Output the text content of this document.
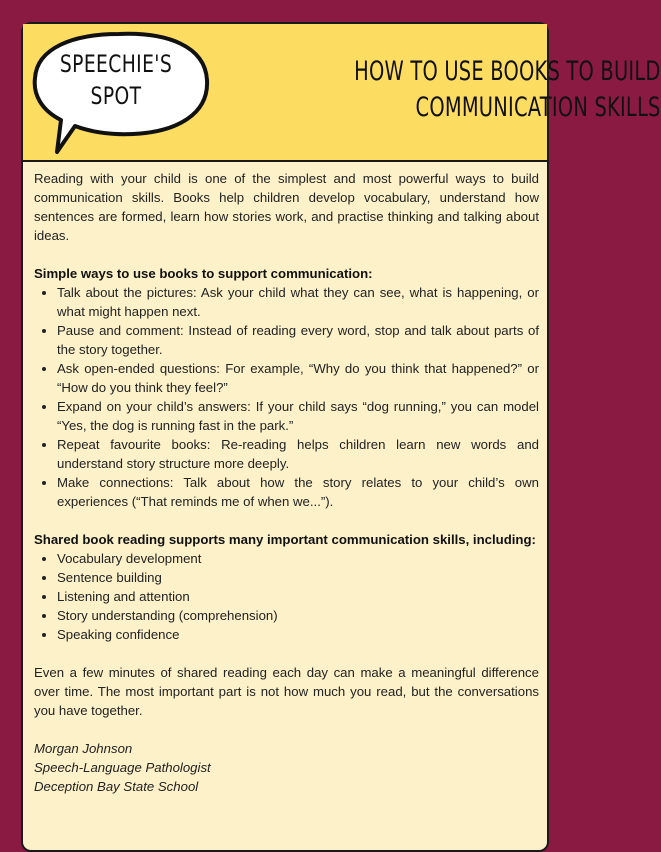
SPEECHIE'S
SPOT
HOW TO USE BOOKS TO BUILD
COMMUNICATION SKILLS

Reading with your child is one of the simplest and most powerful ways to build communication skills. Books help children develop vocabulary, understand how sentences are formed, learn how stories work, and practise thinking and talking about ideas.

Simple ways to use books to support communication:

• Talk about the pictures: Ask your child what they can see, what is happening, or what might happen next.
• Pause and comment: Instead of reading every word, stop and talk about parts of the story together.
• Ask open-ended questions: For example, “Why do you think that happened?” or “How do you think they feel?”
• Expand on your child’s answers: If your child says “dog running,” you can model “Yes, the dog is running fast in the park.”
• Repeat favourite books: Re-reading helps children learn new words and understand story structure more deeply.
• Make connections: Talk about how the story relates to your child’s own experiences (“That reminds me of when we...”).

Shared book reading supports many important communication skills, including:

• Vocabulary development
• Sentence building
• Listening and attention
• Story understanding (comprehension)
• Speaking confidence

Even a few minutes of shared reading each day can make a meaningful difference over time. The most important part is not how much you read, but the conversations you have together.

Morgan Johnson
Speech-Language Pathologist
Deception Bay State School
